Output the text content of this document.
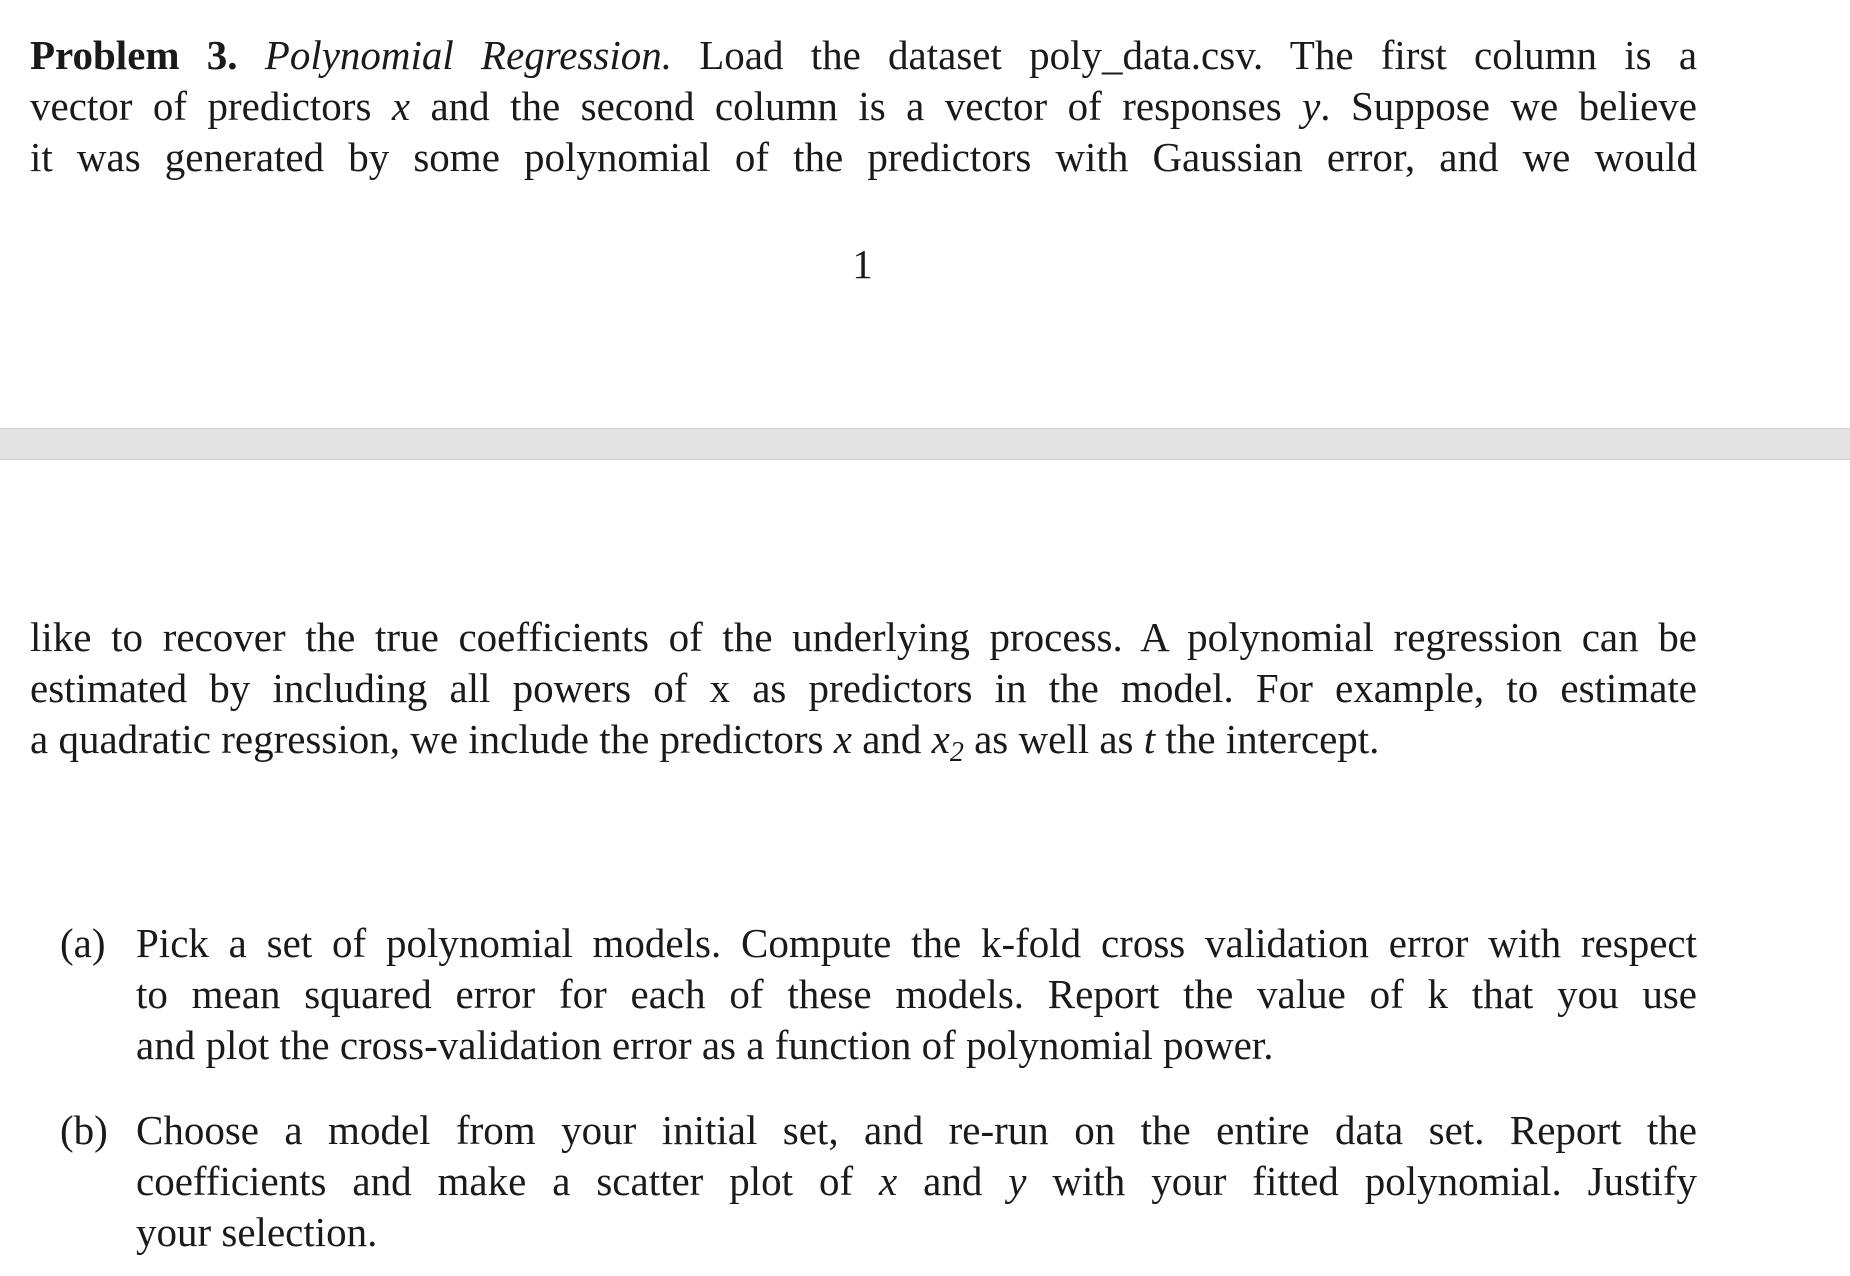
Problem 3. Polynomial Regression. Load the dataset poly_data.csv. The first column is a
vector of predictors x and the second column is a vector of responses y. Suppose we believe
it was generated by some polynomial of the predictors with Gaussian error, and we would
1
like to recover the true coefficients of the underlying process. A polynomial regression can be
estimated by including all powers of x as predictors in the model. For example, to estimate
a quadratic regression, we include the predictors x and $x_2$ as well as t the intercept.
(a) Pick a set of polynomial models. Compute the k-fold cross validation error with respect
to mean squared error for each of these models. Report the value of k that you use
and plot the cross-validation error as a function of polynomial power.
(b) Choose a model from your initial set, and re-run on the entire data set. Report the
coefficients and make a scatter plot of x and y with your fitted polynomial. Justify
your selection.
